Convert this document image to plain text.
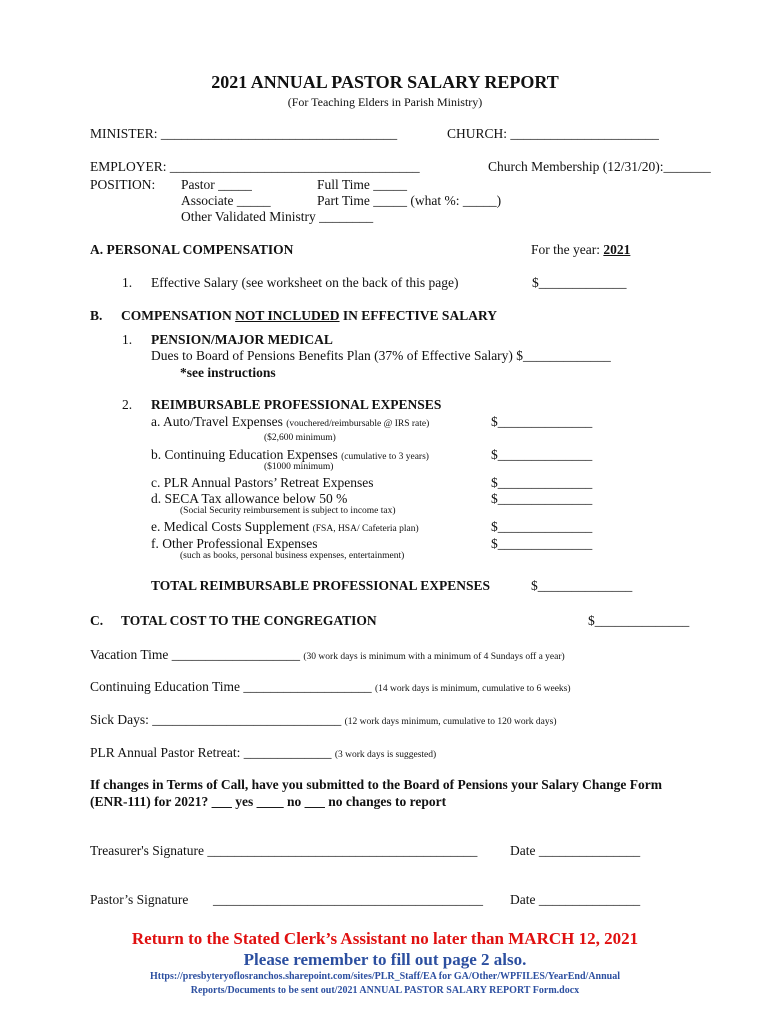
2021 ANNUAL PASTOR SALARY REPORT
(For Teaching Elders in Parish Ministry)
MINISTER: ___________________________________	CHURCH: ______________________
EMPLOYER: _____________________________________	Church Membership (12/31/20):_______
POSITION: Pastor _____	Full Time _____
Associate _____	Part Time _____ (what %: _____)
Other Validated Ministry ________
A. PERSONAL COMPENSATION	For the year: 2021
1. Effective Salary (see worksheet on the back of this page)	$_____________
B. COMPENSATION NOT INCLUDED IN EFFECTIVE SALARY
1. PENSION/MAJOR MEDICAL
Dues to Board of Pensions Benefits Plan (37% of Effective Salary) $_____________
*see instructions
2. REIMBURSABLE PROFESSIONAL EXPENSES
a. Auto/Travel Expenses (vouchered/reimbursable @ IRS rate)	$______________
($2,600 minimum)
b. Continuing Education Expenses (cumulative to 3 years)	$______________
($1000 minimum)
c. PLR Annual Pastors’ Retreat Expenses	$______________
d. SECA Tax allowance below 50 %	$______________
(Social Security reimbursement is subject to income tax)
e. Medical Costs Supplement (FSA, HSA/ Cafeteria plan)	$______________
f. Other Professional Expenses	$______________
(such as books, personal business expenses, entertainment)
TOTAL REIMBURSABLE PROFESSIONAL EXPENSES	$______________
C. TOTAL COST TO THE CONGREGATION	$______________
Vacation Time ___________________ (30 work days is minimum with a minimum of 4 Sundays off a year)
Continuing Education Time ___________________ (14 work days is minimum, cumulative to 6 weeks)
Sick Days: ____________________________ (12 work days minimum, cumulative to 120 work days)
PLR Annual Pastor Retreat: _____________ (3 work days is suggested)
If changes in Terms of Call, have you submitted to the Board of Pensions your Salary Change Form
(ENR-111) for 2021? ___ yes ____ no ___ no changes to report
Treasurer's Signature ________________________________________ Date _______________
Pastor’s Signature ________________________________________ Date _______________
Return to the Stated Clerk’s Assistant no later than MARCH 12, 2021
Please remember to fill out page 2 also.
Https://presbyteryoflosranchos.sharepoint.com/sites/PLR_Staff/EA for GA/Other/WPFILES/YearEnd/Annual
Reports/Documents to be sent out/2021 ANNUAL PASTOR SALARY REPORT Form.docx
